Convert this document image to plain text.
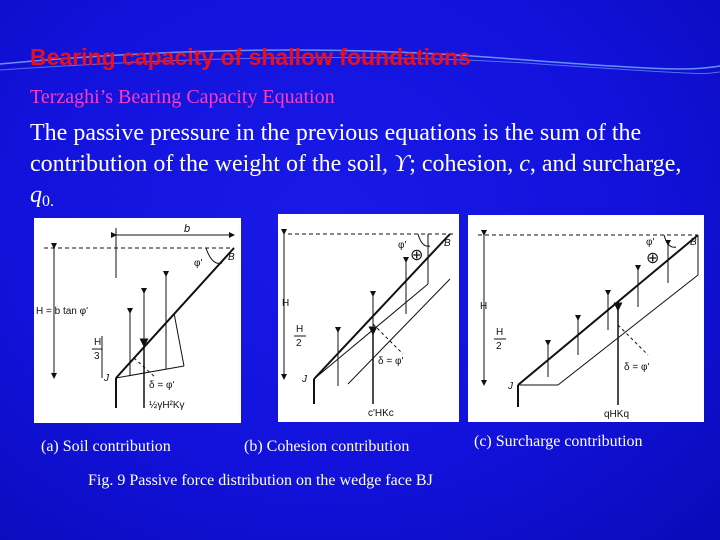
Bearing capacity of shallow foundations
Terzaghi’s Bearing Capacity Equation
The passive pressure in the previous equations is the sum of the contribution of the weight of the soil, ϒ; cohesion, c, and surcharge, $q_{0.}$
b
B
J
φ'
H = b tan φ'
H
3
δ = φ'
½γH²Kγ
B
J
⊕
φ'
H
H
2
δ = φ'
c'HKc
B
J
⊕
φ'
H
H
2
δ = φ'
qHKq
(a) Soil contribution	(b) Cohesion contribution	(c) Surcharge contribution
Fig. 9 Passive force distribution on the wedge face BJ
